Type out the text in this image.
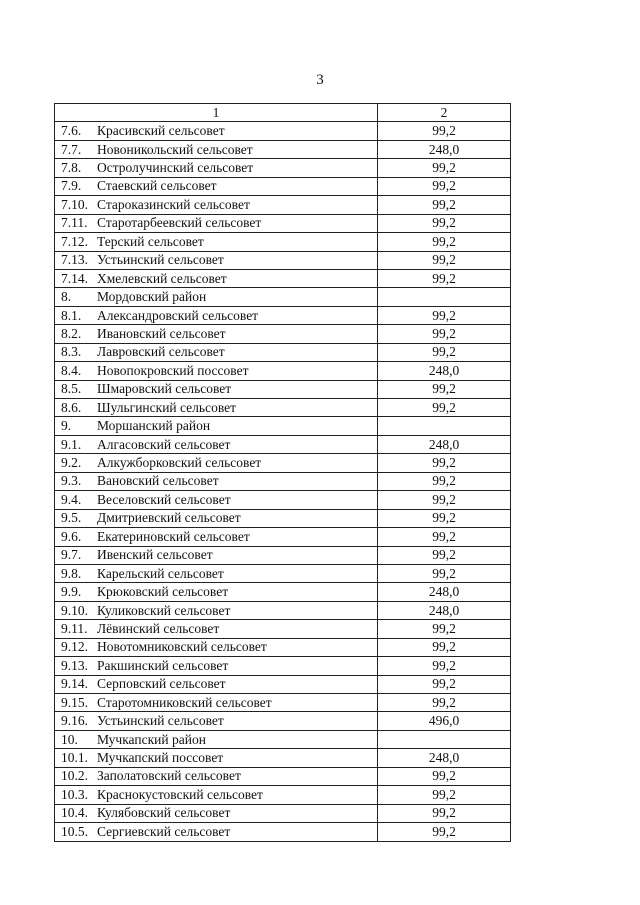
3
1	2
7.6. Красивский сельсовет	99,2
7.7. Новоникольский сельсовет	248,0
7.8. Остролучинский сельсовет	99,2
7.9. Стаевский сельсовет	99,2
7.10. Староказинский сельсовет	99,2
7.11. Старотарбеевский сельсовет	99,2
7.12. Терский сельсовет	99,2
7.13. Устьинский сельсовет	99,2
7.14. Хмелевский сельсовет	99,2
8. Мордовский район	
8.1. Александровский сельсовет	99,2
8.2. Ивановский сельсовет	99,2
8.3. Лавровский сельсовет	99,2
8.4. Новопокровский поссовет	248,0
8.5. Шмаровский сельсовет	99,2
8.6. Шульгинский сельсовет	99,2
9. Моршанский район	
9.1. Алгасовский сельсовет	248,0
9.2. Алкужборковский сельсовет	99,2
9.3. Вановский сельсовет	99,2
9.4. Веселовский сельсовет	99,2
9.5. Дмитриевский сельсовет	99,2
9.6. Екатериновский сельсовет	99,2
9.7. Ивенский сельсовет	99,2
9.8. Карельский сельсовет	99,2
9.9. Крюковский сельсовет	248,0
9.10. Куликовский сельсовет	248,0
9.11. Лёвинский сельсовет	99,2
9.12. Новотомниковский сельсовет	99,2
9.13. Ракшинский сельсовет	99,2
9.14. Серповский сельсовет	99,2
9.15. Старотомниковский сельсовет	99,2
9.16. Устьинский сельсовет	496,0
10. Мучкапский район	
10.1. Мучкапский поссовет	248,0
10.2. Заполатовский сельсовет	99,2
10.3. Краснокустовский сельсовет	99,2
10.4. Кулябовский сельсовет	99,2
10.5. Сергиевский сельсовет	99,2
